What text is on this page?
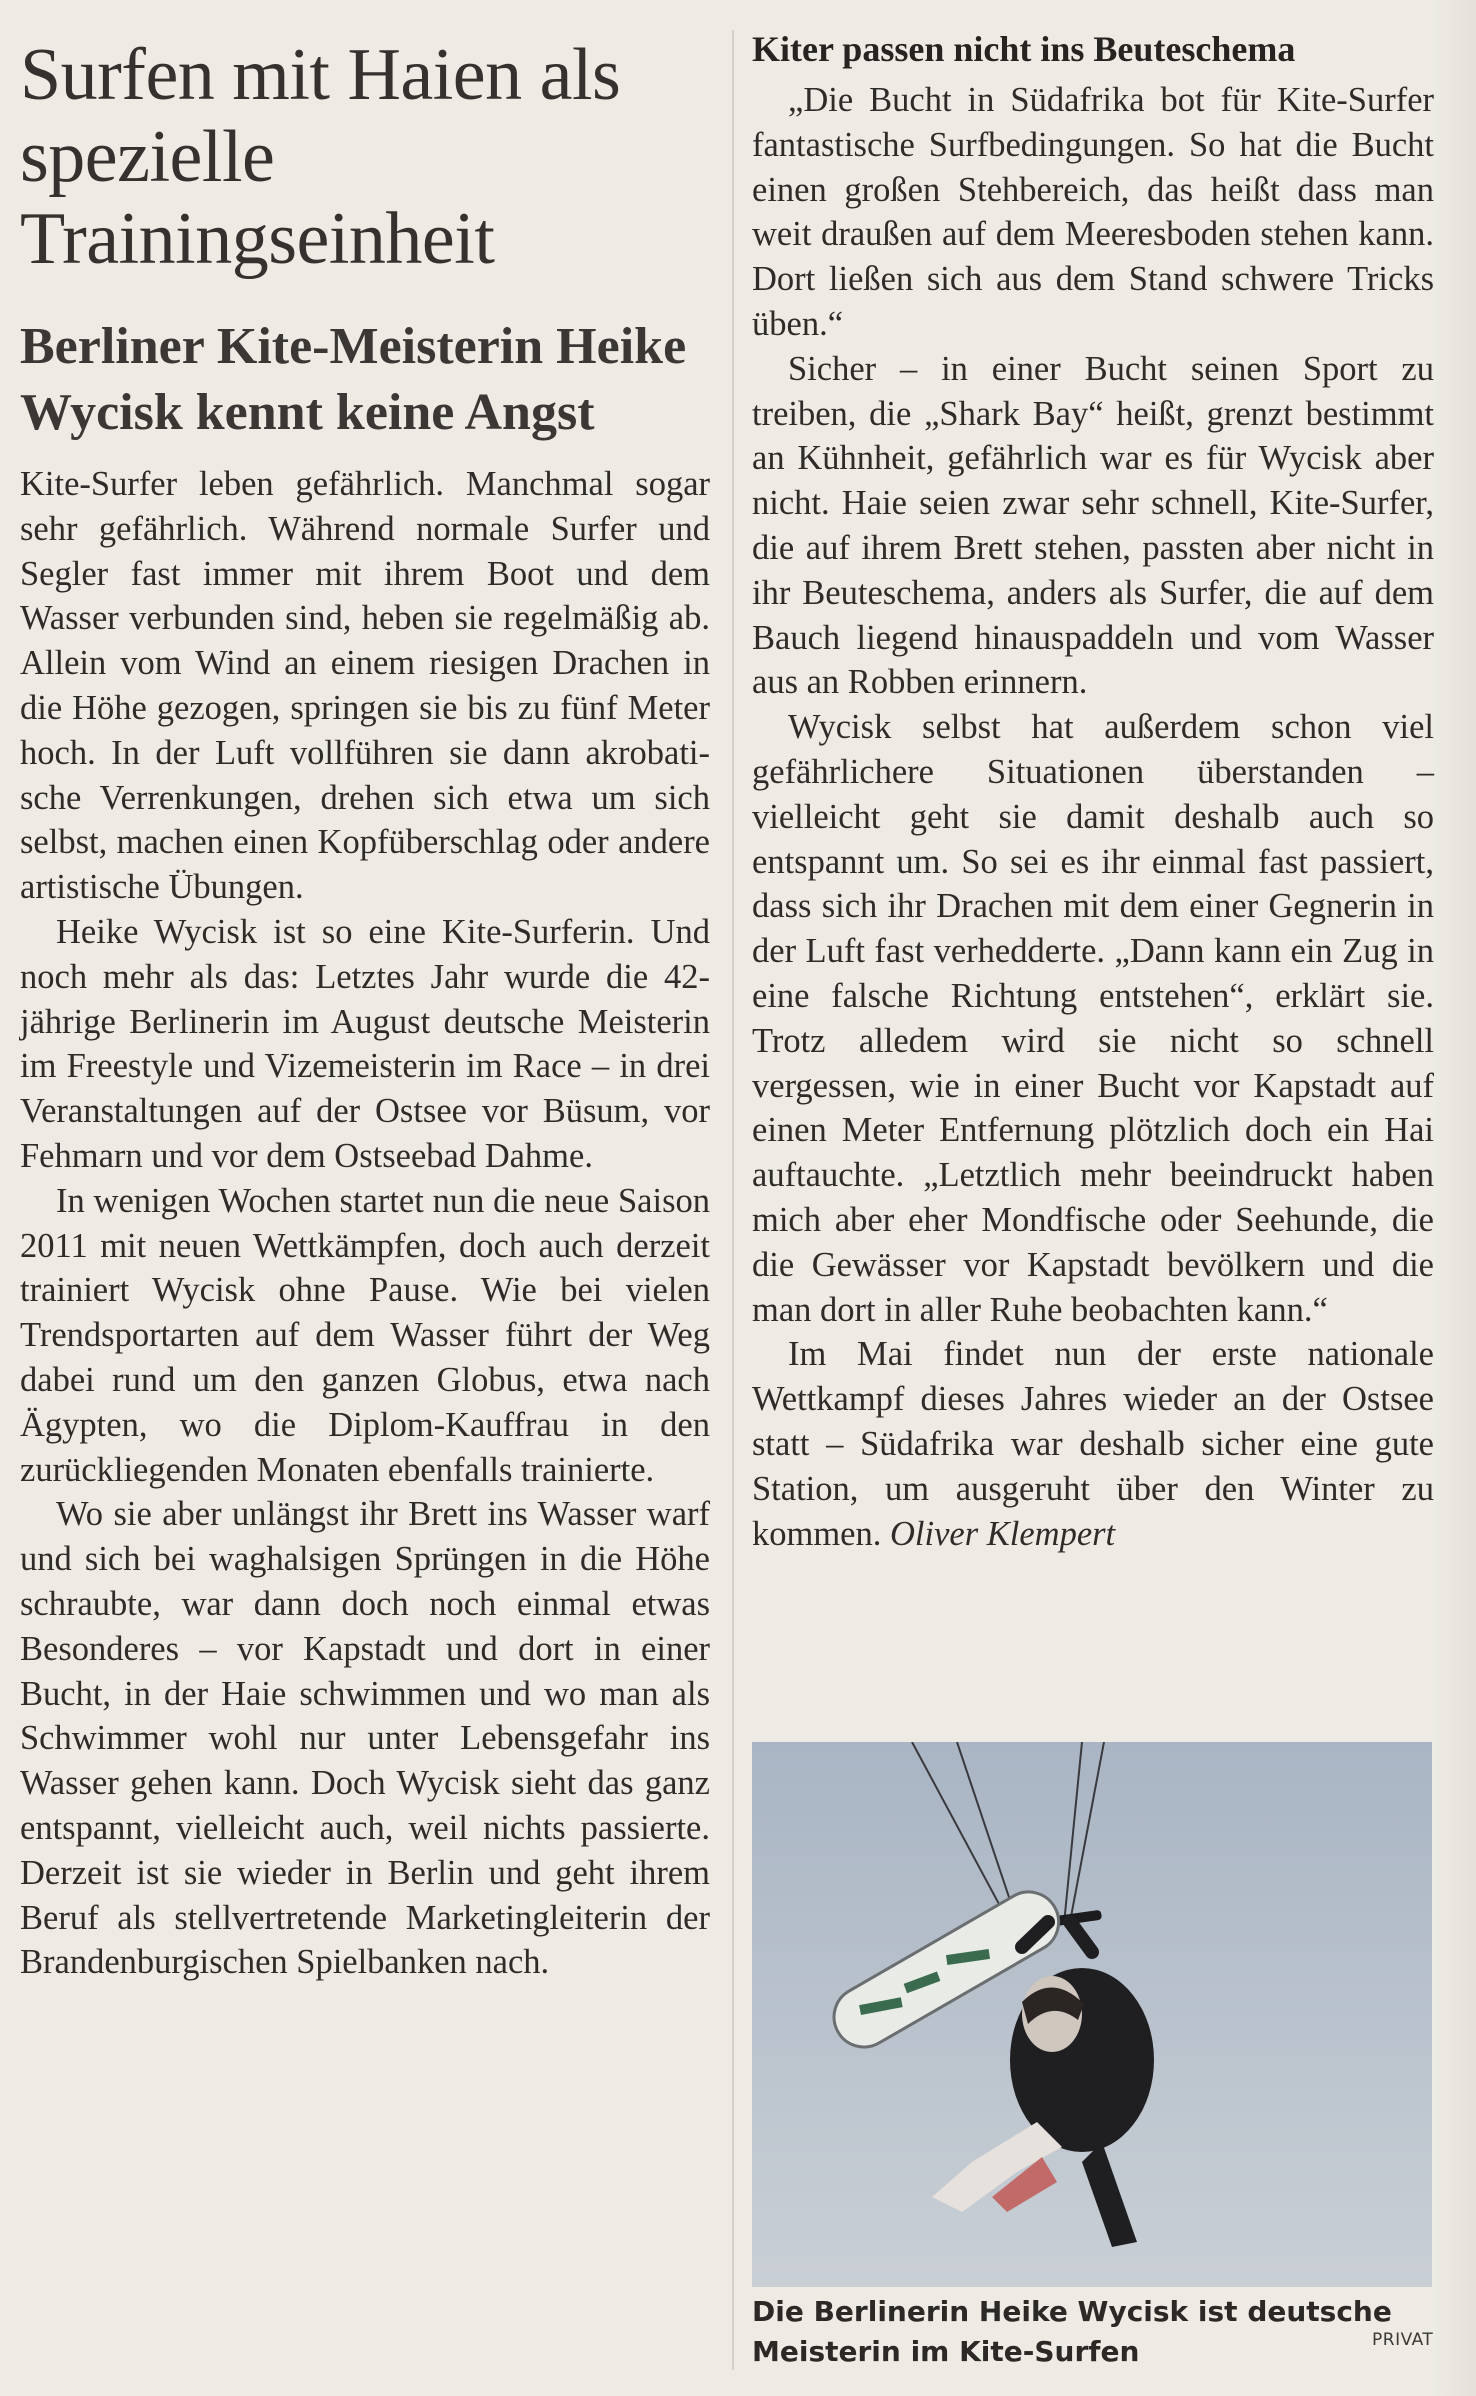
Surfen mit Haien als spezielle Trainingseinheit
Berliner Kite-Meisterin Heike Wycisk kennt keine Angst

Kite-Surfer leben gefährlich. Manchmal sogar sehr gefährlich. Während normale Surfer und Segler fast immer mit ihrem Boot und dem Wasser verbunden sind, heben sie regelmäßig ab. Allein vom Wind an einem riesigen Drachen in die Höhe gezogen, springen sie bis zu fünf Meter hoch. In der Luft vollführen sie dann akrobatische Verrenkungen, drehen sich etwa um sich selbst, machen einen Kopfüberschlag oder andere artistische Übungen.

Heike Wycisk ist so eine Kite-Surferin. Und noch mehr als das: Letztes Jahr wurde die 42-jährige Berlinerin im August deutsche Meisterin im Freestyle und Vizemeisterin im Race – in drei Veranstaltungen auf der Ostsee vor Büsum, vor Fehmarn und vor dem Ostseebad Dahme.

In wenigen Wochen startet nun die neue Saison 2011 mit neuen Wettkämpfen, doch auch derzeit trainiert Wycisk ohne Pause. Wie bei vielen Trendsportarten auf dem Wasser führt der Weg dabei rund um den ganzen Globus, etwa nach Ägypten, wo die Diplom-Kauffrau in den zurückliegenden Monaten ebenfalls trainierte.

Wo sie aber unlängst ihr Brett ins Wasser warf und sich bei waghalsigen Sprüngen in die Höhe schraubte, war dann doch noch einmal etwas Besonderes – vor Kapstadt und dort in einer Bucht, in der Haie schwimmen und wo man als Schwimmer wohl nur unter Lebensgefahr ins Wasser gehen kann. Doch Wycisk sieht das ganz entspannt, vielleicht auch, weil nichts passierte. Derzeit ist sie wieder in Berlin und geht ihrem Beruf als stellvertretende Marketingleiterin der Brandenburgischen Spielbanken nach.

Kiter passen nicht ins Beuteschema

„Die Bucht in Südafrika bot für Kite-Surfer fantastische Surfbedingungen. So hat die Bucht einen großen Stehbereich, das heißt dass man weit draußen auf dem Meeresboden stehen kann. Dort ließen sich aus dem Stand schwere Tricks üben.“

Sicher – in einer Bucht seinen Sport zu treiben, die „Shark Bay“ heißt, grenzt bestimmt an Kühnheit, gefährlich war es für Wycisk aber nicht. Haie seien zwar sehr schnell, Kite-Surfer, die auf ihrem Brett stehen, passten aber nicht in ihr Beuteschema, anders als Surfer, die auf dem Bauch liegend hinauspaddeln und vom Wasser aus an Robben erinnern.

Wycisk selbst hat außerdem schon viel gefährlichere Situationen überstanden – vielleicht geht sie damit deshalb auch so entspannt um. So sei es ihr einmal fast passiert, dass sich ihr Drachen mit dem einer Gegnerin in der Luft fast verhedderte. „Dann kann ein Zug in eine falsche Richtung entstehen“, erklärt sie. Trotz alledem wird sie nicht so schnell vergessen, wie in einer Bucht vor Kapstadt auf einen Meter Entfernung plötzlich doch ein Hai auftauchte. „Letztlich mehr beeindruckt haben mich aber eher Mondfische oder Seehunde, die die Gewässer vor Kapstadt bevölkern und die man dort in aller Ruhe beobachten kann.“

Im Mai findet nun der erste nationale Wettkampf dieses Jahres wieder an der Ostsee statt – Südafrika war deshalb sicher eine gute Station, um ausgeruht über den Winter zu kommen. Oliver Klempert

Die Berlinerin Heike Wycisk ist deutsche Meisterin im Kite-Surfen	PRIVAT
